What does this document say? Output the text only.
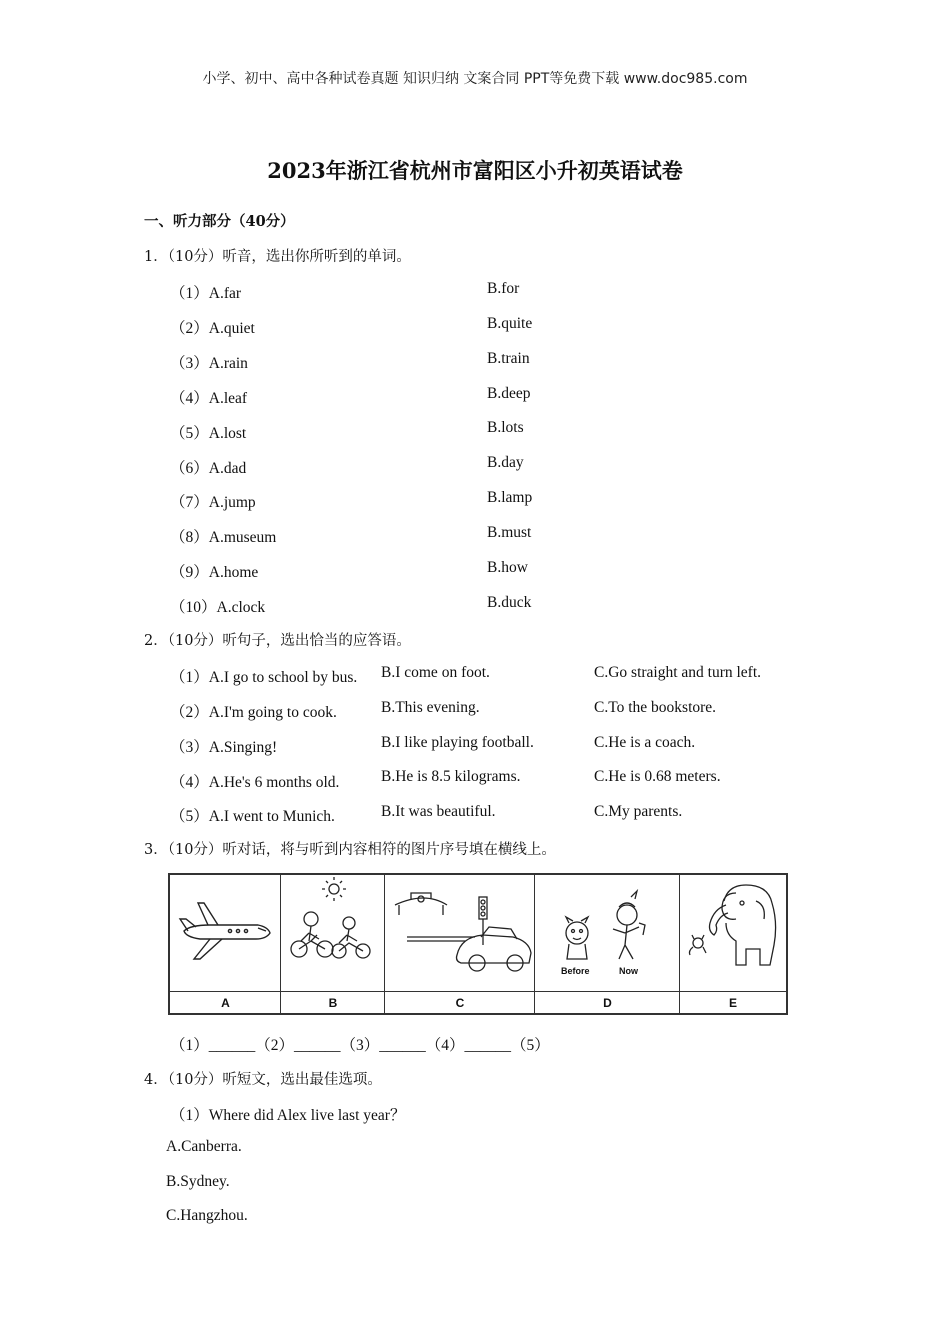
小学、初中、高中各种试卷真题 知识归纳 文案合同 PPT等免费下载 www.doc985.com
2023年浙江省杭州市富阳区小升初英语试卷
一、听力部分（40分）
1．（10分）听音，选出你所听到的单词。
（1）A.far	B.for
（2）A.quiet	B.quite
（3）A.rain	B.train
（4）A.leaf	B.deep
（5）A.lost	B.lots
（6）A.dad	B.day
（7）A.jump	B.lamp
（8）A.museum	B.must
（9）A.home	B.how
（10）A.clock	B.duck
2．（10分）听句子，选出恰当的应答语。
（1）A.I go to school by bus. B.I come on foot.	C.Go straight and turn left.
（2）A.I'm going to cook.	B.This evening.	C.To the bookstore.
（3）A.Singing!	B.I like playing football.	C.He is a coach.
（4）A.He's 6 months old.	B.He is 8.5 kilograms.	C.He is 0.68 meters.
（5）A.I went to Munich.	B.It was beautiful.	C.My parents.
3．（10分）听对话，将与听到内容相符的图片序号填在横线上。
Before	Now
A	B	C	D	E
（1）______（2）______（3）______（4）______（5）
4．（10分）听短文，选出最佳选项。
（1）Where did Alex live last year？
A.Canberra.
B.Sydney.
C.Hangzhou.
